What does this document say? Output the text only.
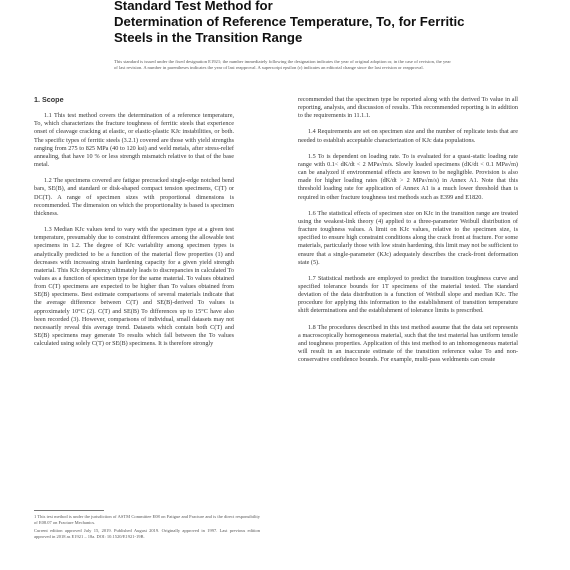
Standard Test Method for
Determination of Reference Temperature, To, for Ferritic
Steels in the Transition Range
This standard is issued under the fixed designation E1921; the number immediately following the designation indicates the year of original adoption or, in the case of revision, the year of last revision. A number in parentheses indicates the year of last reapproval. A superscript epsilon (ε) indicates an editorial change since the last revision or reapproval.
1. Scope

1.1 This test method covers the determination of a reference temperature, To, which characterizes the fracture toughness of ferritic steels that experience onset of cleavage cracking at elastic, or elastic-plastic KJc instabilities, or both. The specific types of ferritic steels (3.2.1) covered are those with yield strengths ranging from 275 to 825 MPa (40 to 120 ksi) and weld metals, after stress-relief annealing, that have 10 % or less strength mismatch relative to that of the base metal.

1.2 The specimens covered are fatigue precracked single-edge notched bend bars, SE(B), and standard or disk-shaped compact tension specimens, C(T) or DC(T). A range of specimen sizes with proportional dimensions is recommended. The dimension on which the proportionality is based is specimen thickness.

1.3 Median KJc values tend to vary with the specimen type at a given test temperature, presumably due to constraint differences among the allowable test specimens in 1.2. The degree of KJc variability among specimen types is analytically predicted to be a function of the material flow properties (1) and decreases with increasing strain hardening capacity for a given yield strength material. This KJc dependency ultimately leads to discrepancies in calculated To values as a function of specimen type for the same material. To values obtained from C(T) specimens are expected to be higher than To values obtained from SE(B) specimens. Best estimate comparisons of several materials indicate that the average difference between C(T) and SE(B)-derived To values is approximately 10°C (2). C(T) and SE(B) To differences up to 15°C have also been recorded (3). However, comparisons of individual, small datasets may not necessarily reveal this average trend. Datasets which contain both C(T) and SE(B) specimens may generate To results which fall between the To values calculated using solely C(T) or SE(B) specimens. It is therefore strongly

recommended that the specimen type be reported along with the derived To value in all reporting, analysis, and discussion of results. This recommended reporting is in addition to the requirements in 11.1.1.

1.4 Requirements are set on specimen size and the number of replicate tests that are needed to establish acceptable characterization of KJc data populations.

1.5 To is dependent on loading rate. To is evaluated for a quasi-static loading rate range with 0.1< dK/dt < 2 MPa√m/s. Slowly loaded specimens (dK/dt < 0.1 MPa√m) can be analyzed if environmental effects are known to be negligible. Provision is also made for higher loading rates (dK/dt > 2 MPa√m/s) in Annex A1. Note that this threshold loading rate for application of Annex A1 is a much lower threshold than is required in other fracture toughness test methods such as E399 and E1820.

1.6 The statistical effects of specimen size on KJc in the transition range are treated using the weakest-link theory (4) applied to a three-parameter Weibull distribution of fracture toughness values. A limit on KJc values, relative to the specimen size, is specified to ensure high constraint conditions along the crack front at fracture. For some materials, particularly those with low strain hardening, this limit may not be sufficient to ensure that a single-parameter (KJc) adequately describes the crack-front deformation state (5).

1.7 Statistical methods are employed to predict the transition toughness curve and specified tolerance bounds for 1T specimens of the material tested. The standard deviation of the data distribution is a function of Weibull slope and median KJc. The procedure for applying this information to the establishment of transition temperature shift determinations and the establishment of tolerance limits is prescribed.

1.8 The procedures described in this test method assume that the data set represents a macroscopically homogeneous material, such that the test material has uniform tensile and toughness properties. Application of this test method to an inhomogeneous material will result in an inaccurate estimate of the transition reference value To and non-conservative confidence bounds. For example, multi-pass weldments can create

1 This test method is under the jurisdiction of ASTM Committee E08 on Fatigue and Fracture and is the direct responsibility of E08.07 on Fracture Mechanics.

Current edition approved July 15, 2019. Published August 2019. Originally approved in 1997. Last previous edition approved in 2018 as E1921 – 18a. DOI: 10.1520/E1921-19B.
